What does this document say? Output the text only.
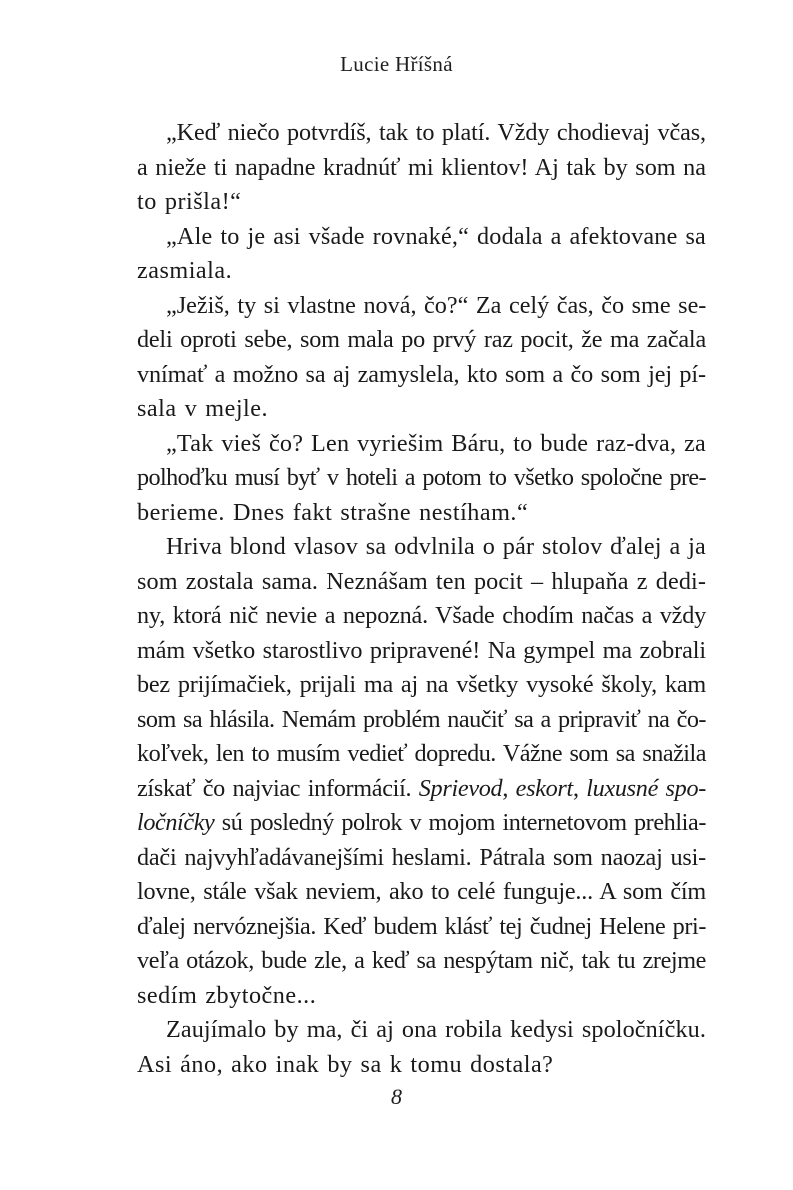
Lucie Hříšná
„Keď niečo potvrdíš, tak to platí. Vždy chodievaj včas,
a nieže ti napadne kradnúť mi klientov! Aj tak by som na
to prišla!“
„Ale to je asi všade rovnaké,“ dodala a afektovane sa
zasmiala.
„Ježiš, ty si vlastne nová, čo?“ Za celý čas, čo sme se-
deli oproti sebe, som mala po prvý raz pocit, že ma začala
vnímať a možno sa aj zamyslela, kto som a čo som jej pí-
sala v mejle.
„Tak vieš čo? Len vyriešim Báru, to bude raz-dva, za
polhoďku musí byť v hoteli a potom to všetko spoločne pre-
berieme. Dnes fakt strašne nestíham.“
Hriva blond vlasov sa odvlnila o pár stolov ďalej a ja
som zostala sama. Neznášam ten pocit – hlupaňa z dedi-
ny, ktorá nič nevie a nepozná. Všade chodím načas a vždy
mám všetko starostlivo pripravené! Na gympel ma zobrali
bez prijímačiek, prijali ma aj na všetky vysoké školy, kam
som sa hlásila. Nemám problém naučiť sa a pripraviť na čo-
koľvek, len to musím vedieť dopredu. Vážne som sa snažila
získať čo najviac informácií. Sprievod, eskort, luxusné spo-
ločníčky sú posledný polrok v mojom internetovom prehlia-
dači najvyhľadávanejšími heslami. Pátrala som naozaj usi-
lovne, stále však neviem, ako to celé funguje... A som čím
ďalej nervóznejšia. Keď budem klásť tej čudnej Helene pri-
veľa otázok, bude zle, a keď sa nespýtam nič, tak tu zrejme
sedím zbytočne...
Zaujímalo by ma, či aj ona robila kedysi spoločníčku.
Asi áno, ako inak by sa k tomu dostala?
8
